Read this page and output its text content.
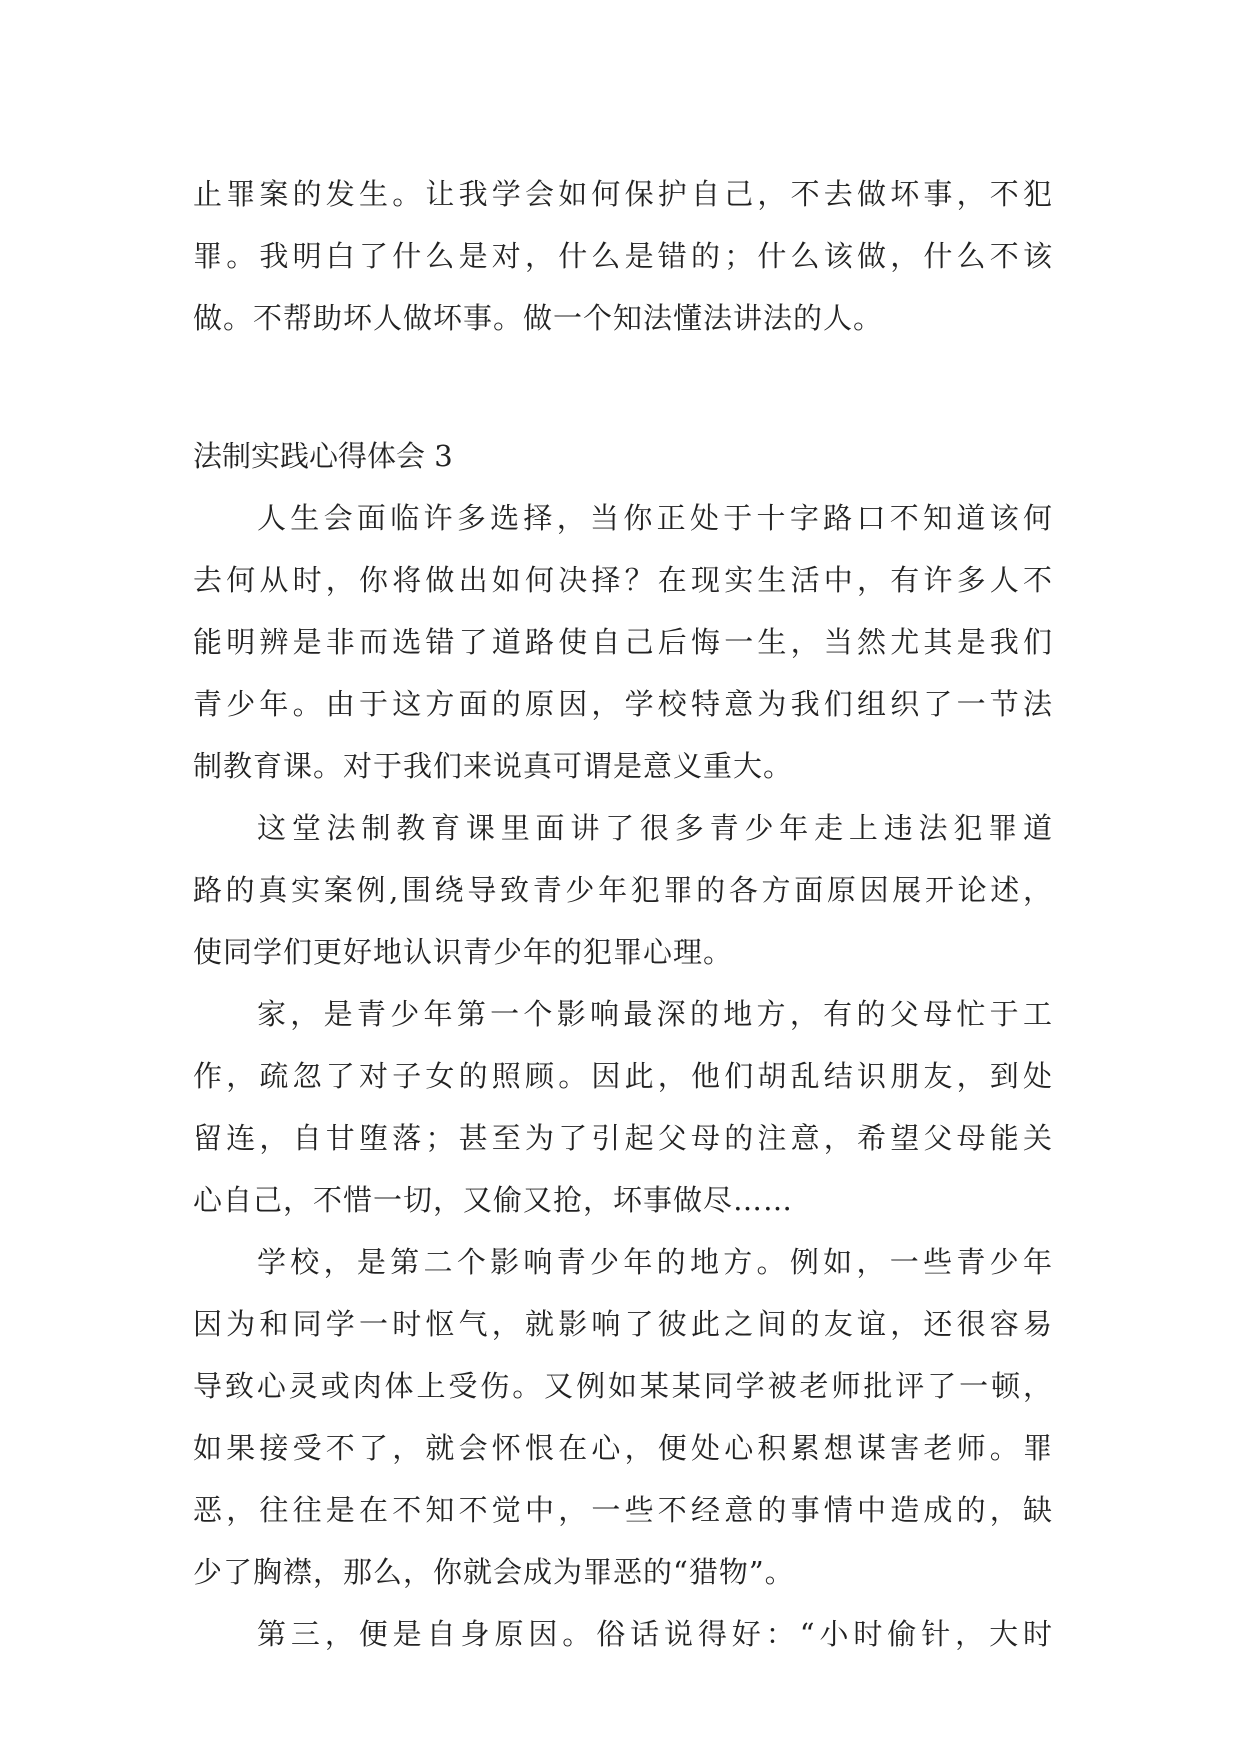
止罪案的发生。让我学会如何保护自己，不去做坏事，不犯
罪。我明白了什么是对，什么是错的；什么该做，什么不该
做。不帮助坏人做坏事。做一个知法懂法讲法的人。
法制实践心得体会 3
人生会面临许多选择，当你正处于十字路口不知道该何
去何从时，你将做出如何决择？在现实生活中，有许多人不
能明辨是非而选错了道路使自己后悔一生，当然尤其是我们
青少年。由于这方面的原因，学校特意为我们组织了一节法
制教育课。对于我们来说真可谓是意义重大。
这堂法制教育课里面讲了很多青少年走上违法犯罪道
路的真实案例,围绕导致青少年犯罪的各方面原因展开论述，
使同学们更好地认识青少年的犯罪心理。
家，是青少年第一个影响最深的地方，有的父母忙于工
作，疏忽了对子女的照顾。因此，他们胡乱结识朋友，到处
留连，自甘堕落；甚至为了引起父母的注意，希望父母能关
心自己，不惜一切，又偷又抢，坏事做尽……
学校，是第二个影响青少年的地方。例如，一些青少年
因为和同学一时怄气，就影响了彼此之间的友谊，还很容易
导致心灵或肉体上受伤。又例如某某同学被老师批评了一顿，
如果接受不了，就会怀恨在心，便处心积累想谋害老师。罪
恶，往往是在不知不觉中，一些不经意的事情中造成的，缺
少了胸襟，那么，你就会成为罪恶的“猎物”。
第三，便是自身原因。俗话说得好：“小时偷针，大时
